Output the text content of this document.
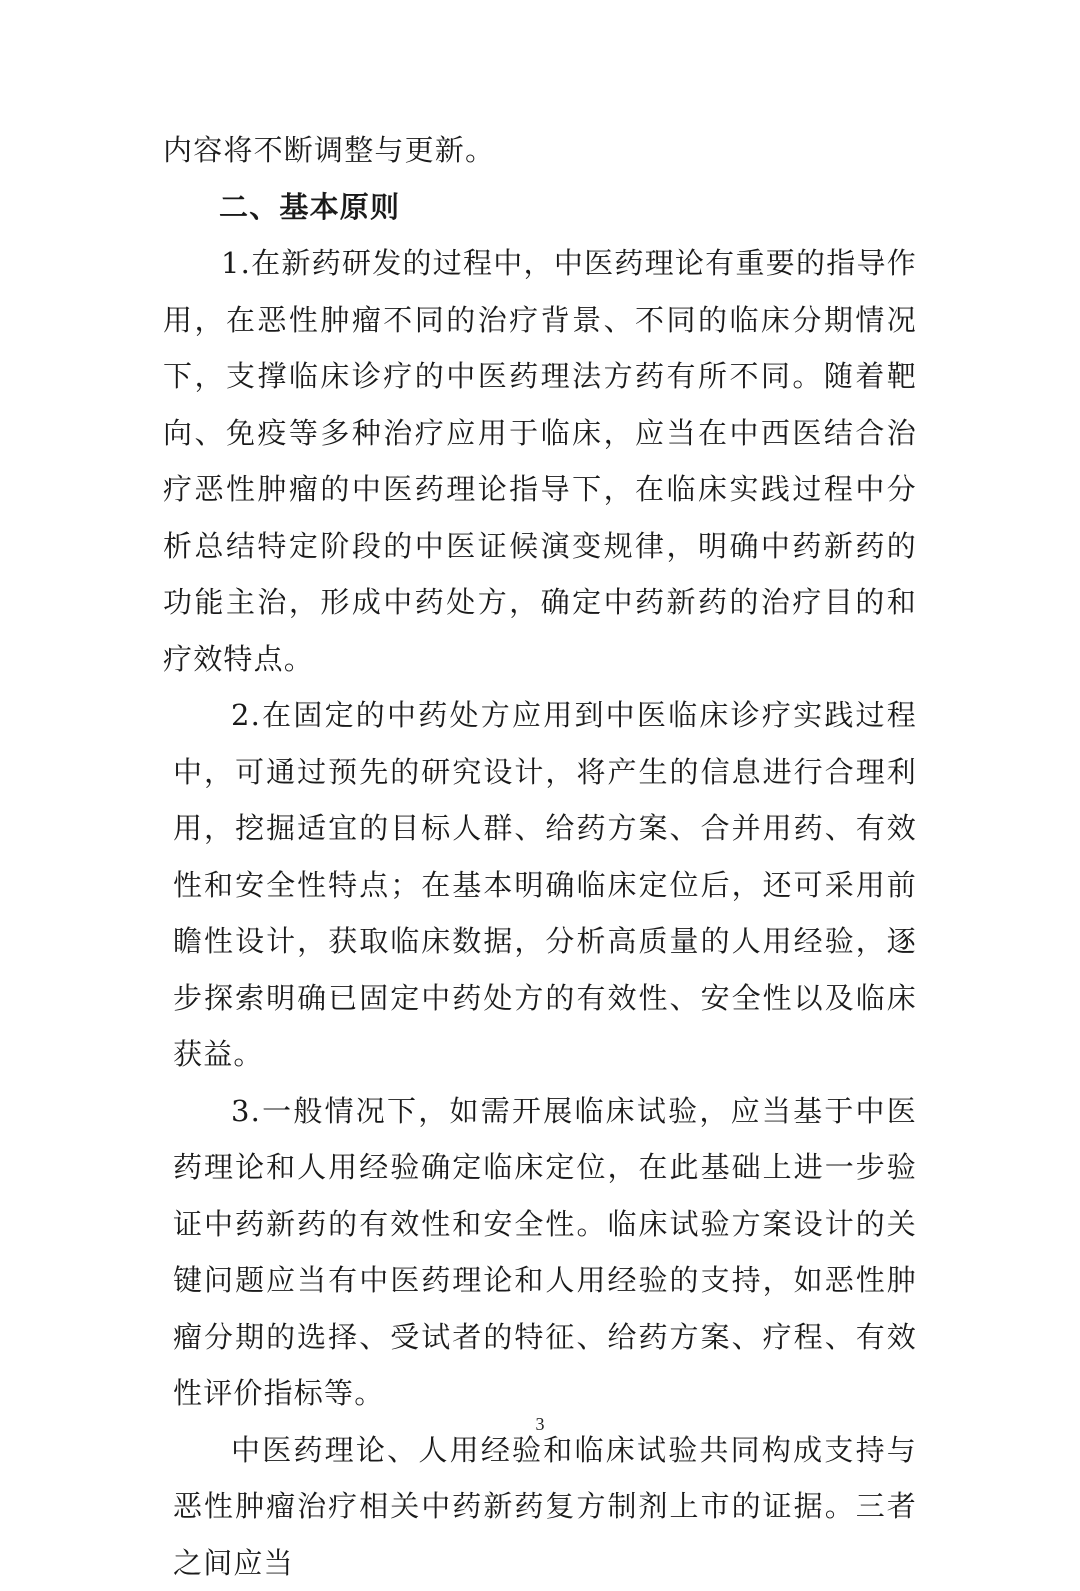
内容将不断调整与更新。

二、基本原则

1.在新药研发的过程中，中医药理论有重要的指导作用，在恶性肿瘤不同的治疗背景、不同的临床分期情况下，支撑临床诊疗的中医药理法方药有所不同。随着靶向、免疫等多种治疗应用于临床，应当在中西医结合治疗恶性肿瘤的中医药理论指导下，在临床实践过程中分析总结特定阶段的中医证候演变规律，明确中药新药的功能主治，形成中药处方，确定中药新药的治疗目的和疗效特点。

2.在固定的中药处方应用到中医临床诊疗实践过程中，可通过预先的研究设计，将产生的信息进行合理利用，挖掘适宜的目标人群、给药方案、合并用药、有效性和安全性特点；在基本明确临床定位后，还可采用前瞻性设计，获取临床数据，分析高质量的人用经验，逐步探索明确已固定中药处方的有效性、安全性以及临床获益。

3.一般情况下，如需开展临床试验，应当基于中医药理论和人用经验确定临床定位，在此基础上进一步验证中药新药的有效性和安全性。临床试验方案设计的关键问题应当有中医药理论和人用经验的支持，如恶性肿瘤分期的选择、受试者的特征、给药方案、疗程、有效性评价指标等。

中医药理论、人用经验和临床试验共同构成支持与恶性肿瘤治疗相关中药新药复方制剂上市的证据。三者之间应当

3
